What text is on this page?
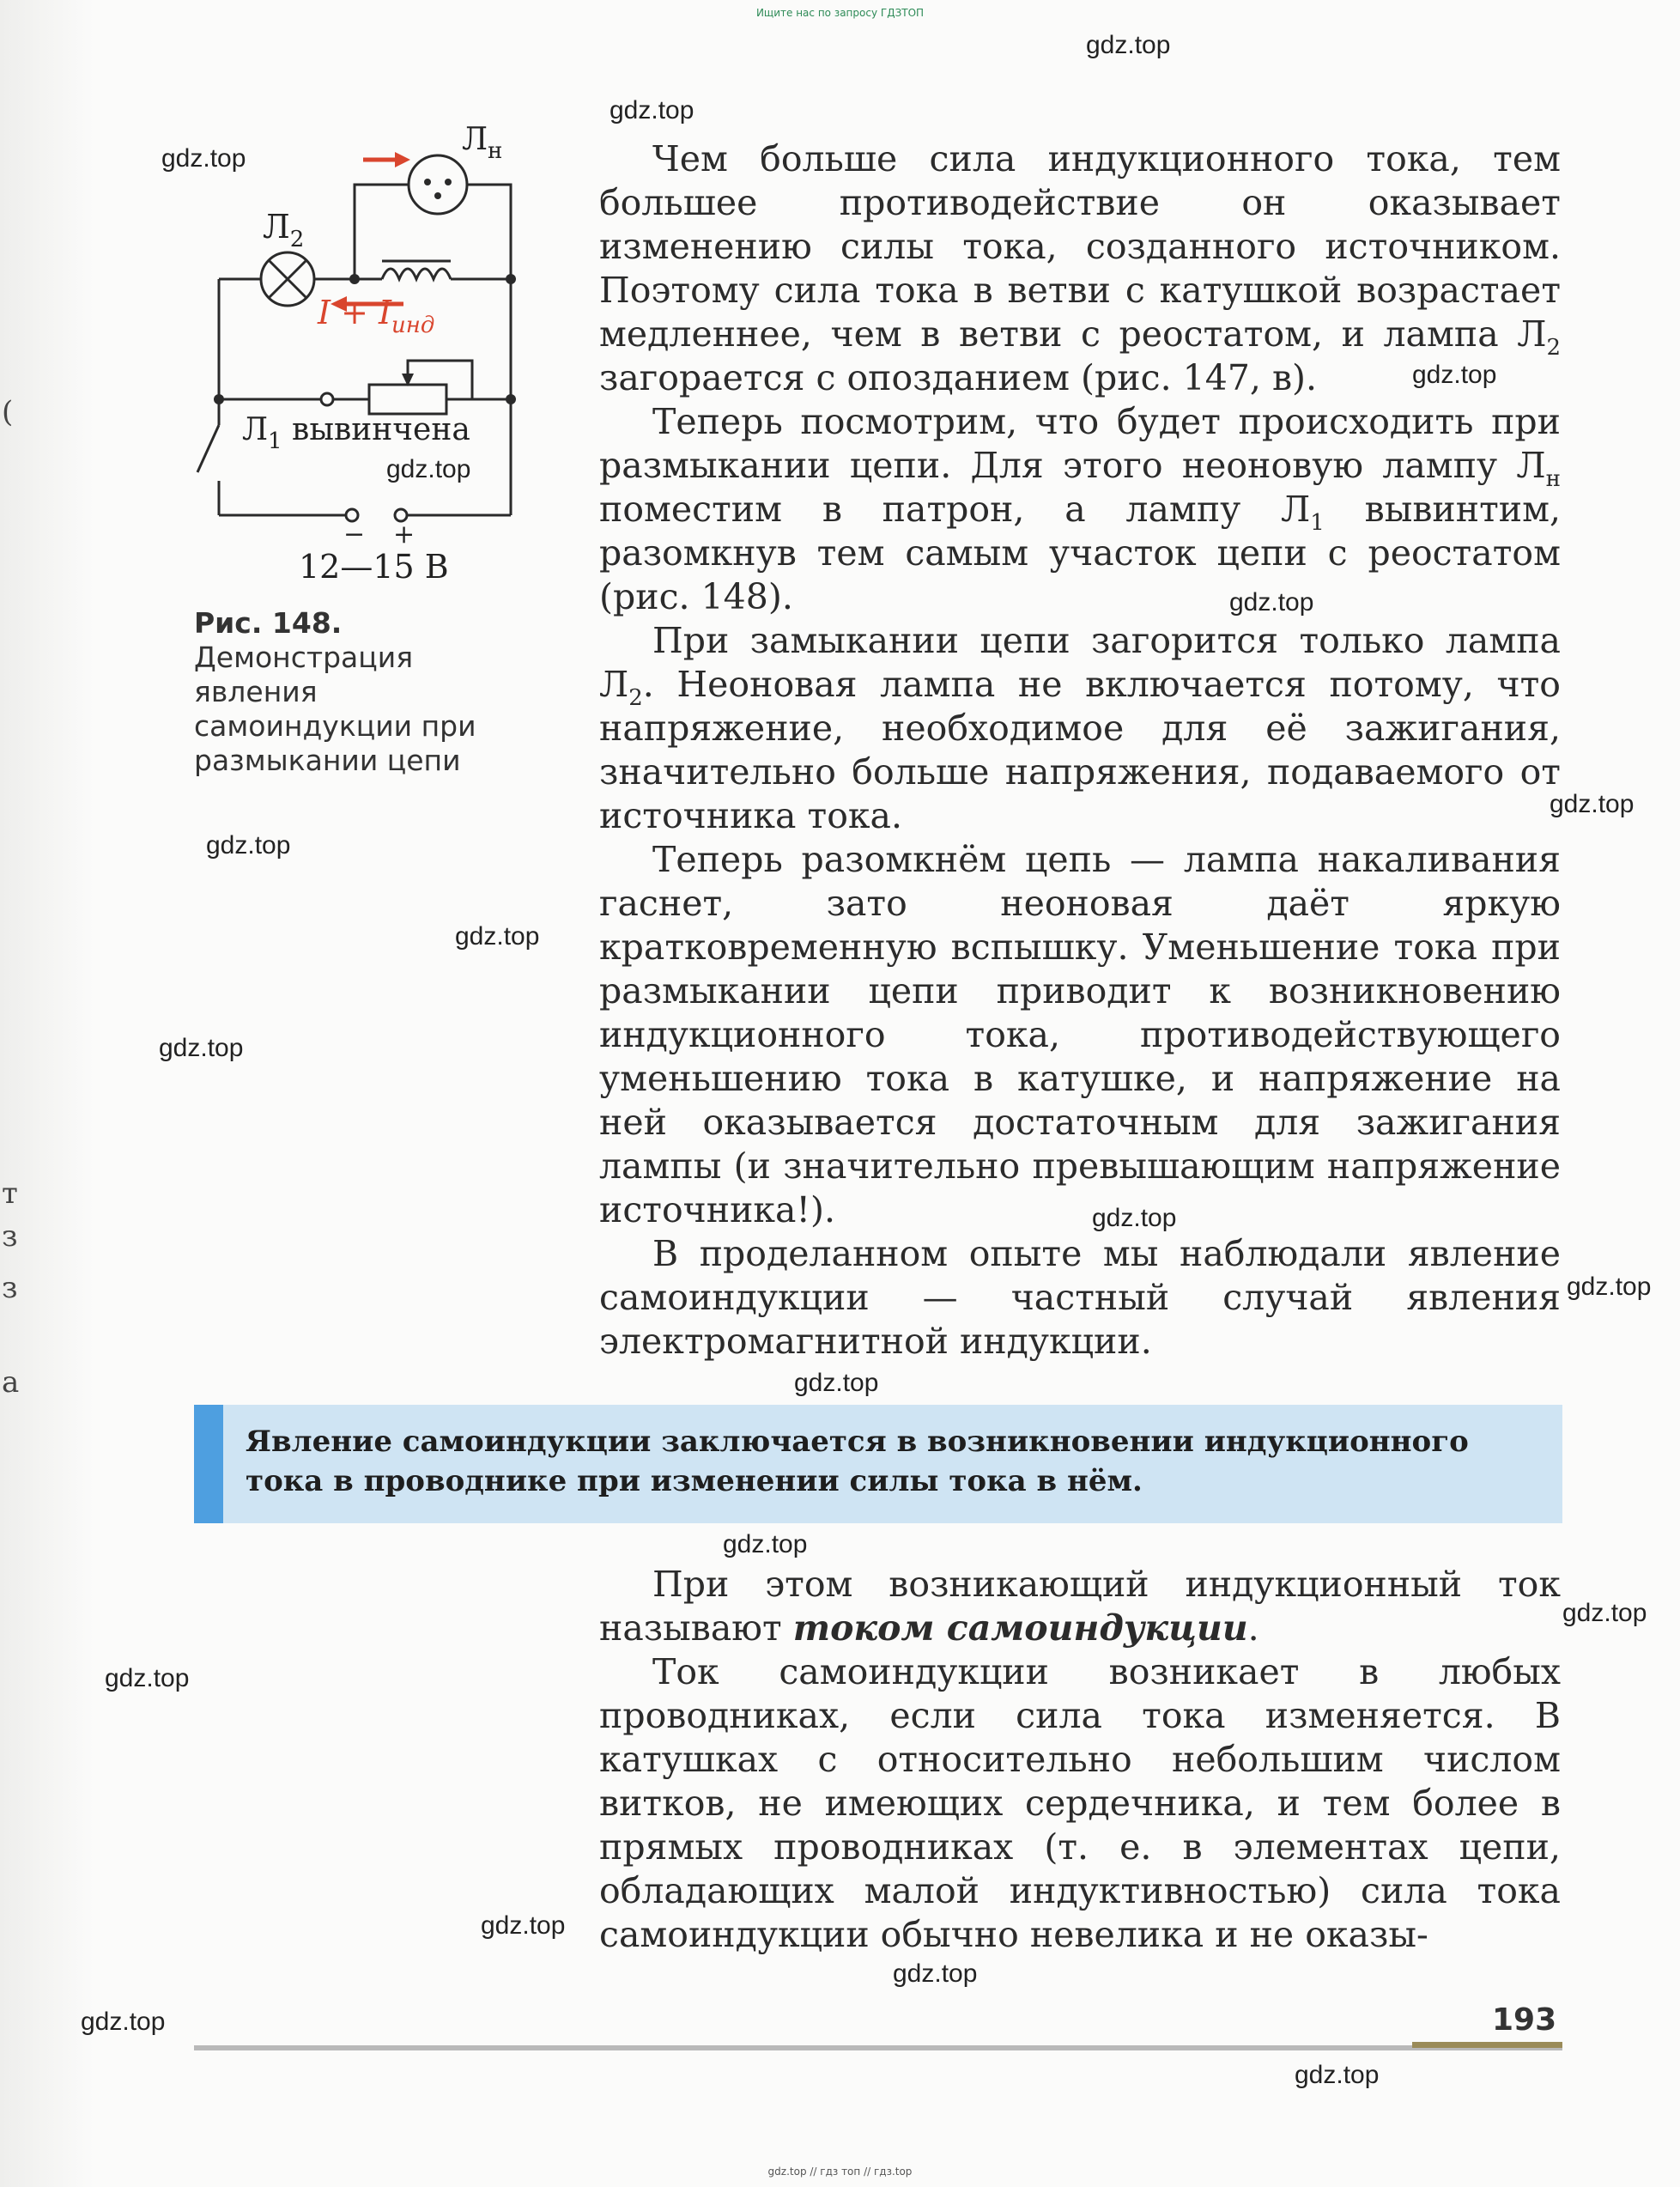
(
т
з
з
а
Ищите нас по запросу ГДЗТОП
gdz.top
gdz.top
gdz.top
gdz.top
gdz.top
gdz.top
gdz.top
gdz.top
gdz.top
gdz.top
gdz.top
gdz.top
gdz.top
gdz.top
gdz.top
gdz.top
gdz.top
gdz.top
gdz.top
gdz.top
$Л_н$
$Л_2$
$I + I_{инд}$
$Л_1$ вывинчена
− +
12—15 В
Рис. 148. Демонстрация явления самоиндукции при размыкании цепи

Чем больше сила индукционного тока, тем большее противодействие он оказывает изменению силы тока, созданного источником. Поэтому сила тока в ветви с катушкой возрастает медленнее, чем в ветви с реостатом, и лампа $Л_2$ загорается с опозданием (рис. 147, в).

Теперь посмотрим, что будет происходить при размыкании цепи. Для этого неоновую лампу $Л_н$ поместим в патрон, а лампу $Л_1$ вывинтим, разомкнув тем самым участок цепи с реостатом (рис. 148).

При замыкании цепи загорится только лампа $Л_2$. Неоновая лампа не включается потому, что напряжение, необходимое для её зажигания, значительно больше напряжения, подаваемого от источника тока.

Теперь разомкнём цепь — лампа накаливания гаснет, зато неоновая даёт яркую кратковременную вспышку. Уменьшение тока при размыкании цепи приводит к возникновению индукционного тока, противодействующего уменьшению тока в катушке, и напряжение на ней оказывается достаточным для зажигания лампы (и значительно превышающим напряжение источника!).

В проделанном опыте мы наблюдали явление самоиндукции — частный случай явления электромагнитной индукции.

Явление самоиндукции заключается в возникновении индукционного тока в проводнике при изменении силы тока в нём.

При этом возникающий индукционный ток называют током самоиндукции.

Ток самоиндукции возникает в любых проводниках, если сила тока изменяется. В катушках с относительно небольшим числом витков, не имеющих сердечника, и тем более в прямых проводниках (т. е. в элементах цепи, обладающих малой индуктивностью) сила тока самоиндукции обычно невелика и не оказы-

193
gdz.top // гдз топ // гдз.top
